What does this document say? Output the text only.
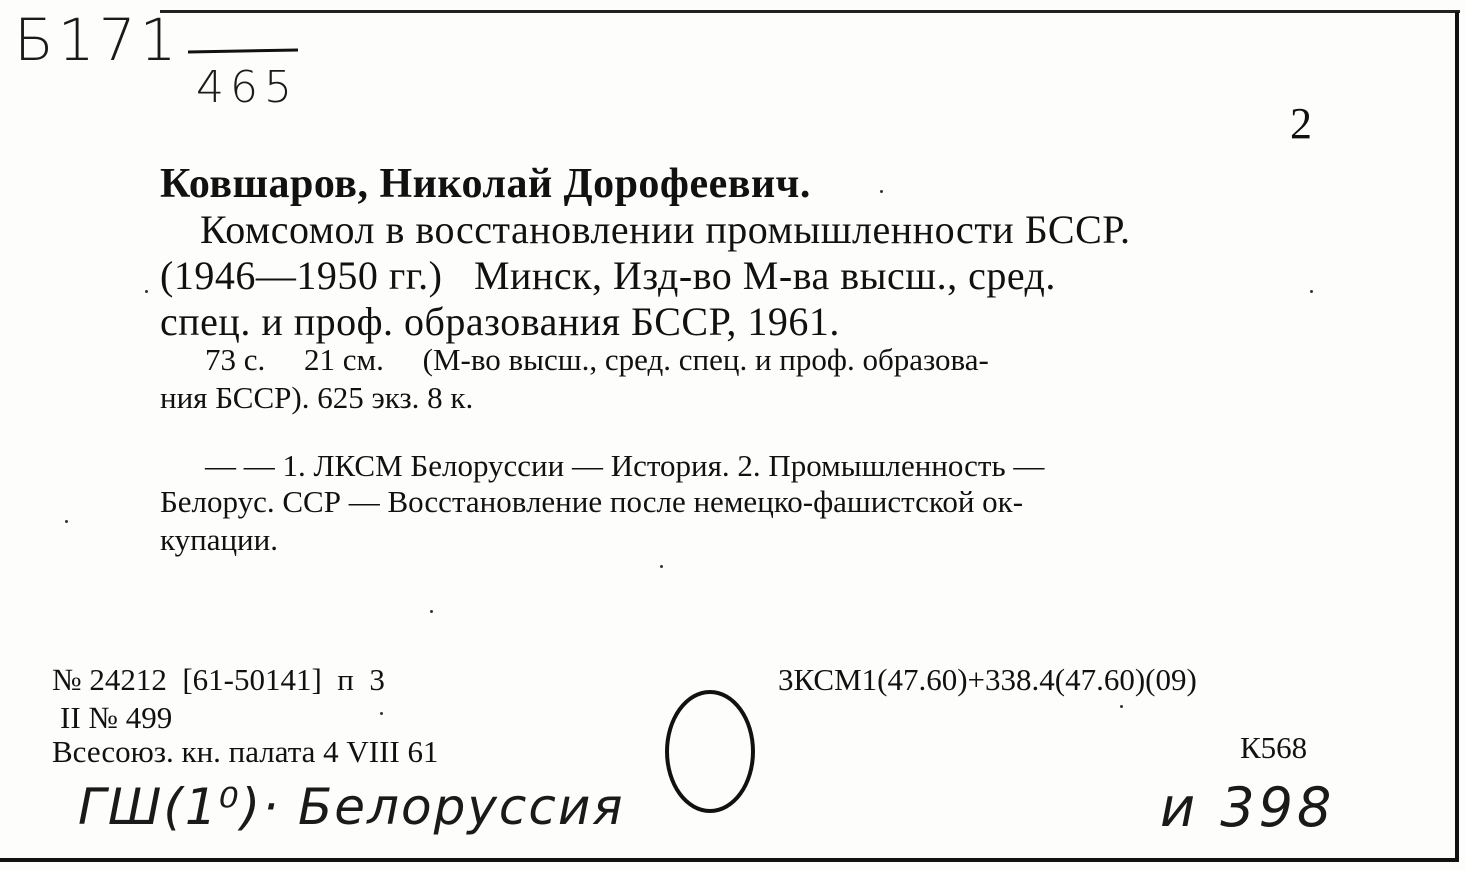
Б171
465
2
Ковшаров, Николай Дорофеевич.
Комсомол в восстановлении промышленности БССР.
(1946—1950 гг.)   Минск, Изд-во М-ва высш., сред.
спец. и проф. образования БССР, 1961.
73 с.     21 см.     (М-во высш., сред. спец. и проф. образова-
ния БССР). 625 экз. 8 к.
— — 1. ЛКСМ Белоруссии — История. 2. Промышленность —
Белорус. ССР — Восстановление после немецко-фашистской ок-
купации.
№ 24212  [61-50141]  п  3
II № 499
Всесоюз. кн. палата 4 VIII 61
3КСМ1(47.60)+338.4(47.60)(09)
К568
ГШ(1⁰)· Белоруссия	и 398
